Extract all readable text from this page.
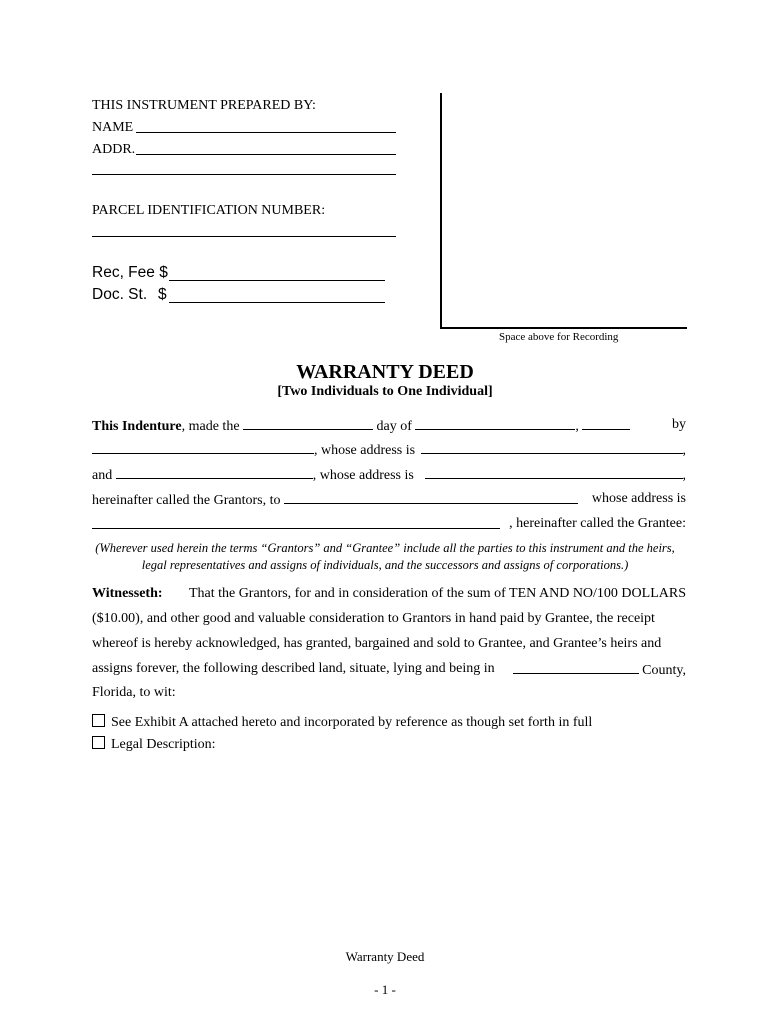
THIS INSTRUMENT PREPARED BY:
NAME
ADDR.
PARCEL IDENTIFICATION NUMBER:
Rec, Fee $
Doc. St. $
Space above for Recording
WARRANTY DEED
[Two Individuals to One Individual]
This Indenture, made the	day of	,	by
, whose address is	,
and	, whose address is	,
hereinafter called the Grantors, to	whose address is
, hereinafter called the Grantee:
(Wherever used herein the terms “Grantors” and “Grantee” include all the parties to this instrument and the heirs, legal representatives and assigns of individuals, and the successors and assigns of corporations.)
Witnesseth: That the Grantors, for and in consideration of the sum of TEN AND NO/100 DOLLARS
($10.00), and other good and valuable consideration to Grantors in hand paid by Grantee, the receipt
whereof is hereby acknowledged, has granted, bargained and sold to Grantee, and Grantee’s heirs and
assigns forever, the following described land, situate, lying and being in	County,
Florida, to wit:
See Exhibit A attached hereto and incorporated by reference as though set forth in full
Legal Description:
Warranty Deed
- 1 -
